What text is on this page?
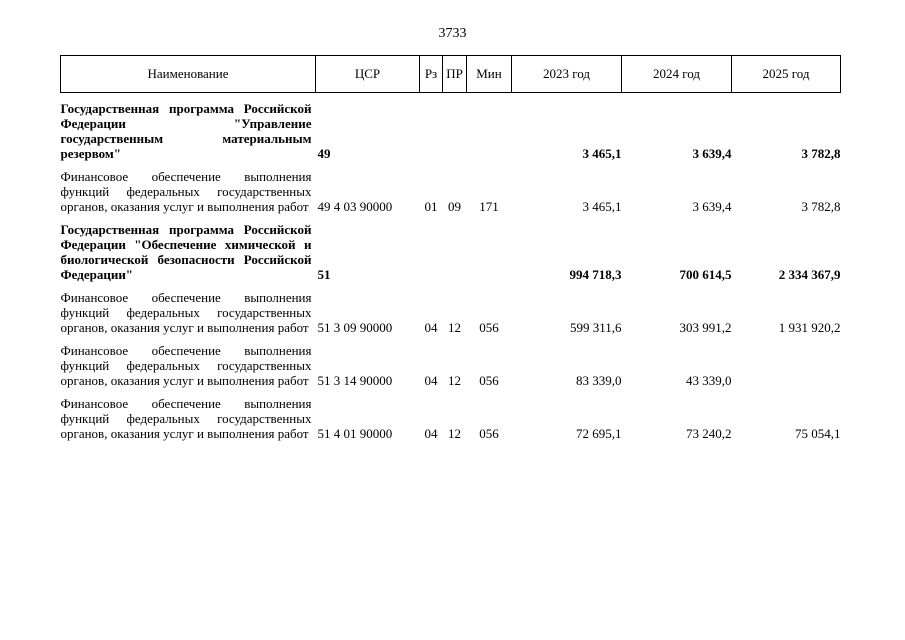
3733
Наименование	ЦСР	Рз	ПР	Мин	2023 год	2024 год	2025 год

Государственная программа Российской Федерации "Управление государственным материальным резервом"	49				3 465,1	3 639,4	3 782,8

Финансовое обеспечение выполнения функций федеральных государственных органов, оказания услуг и выполнения работ	49 4 03 90000	01	09	171	3 465,1	3 639,4	3 782,8

Государственная программа Российской Федерации "Обеспечение химической и биологической безопасности Российской Федерации"	51				994 718,3	700 614,5	2 334 367,9

Финансовое обеспечение выполнения функций федеральных государственных органов, оказания услуг и выполнения работ	51 3 09 90000	04	12	056	599 311,6	303 991,2	1 931 920,2

Финансовое обеспечение выполнения функций федеральных государственных органов, оказания услуг и выполнения работ	51 3 14 90000	04	12	056	83 339,0	43 339,0	

Финансовое обеспечение выполнения функций федеральных государственных органов, оказания услуг и выполнения работ	51 4 01 90000	04	12	056	72 695,1	73 240,2	75 054,1
